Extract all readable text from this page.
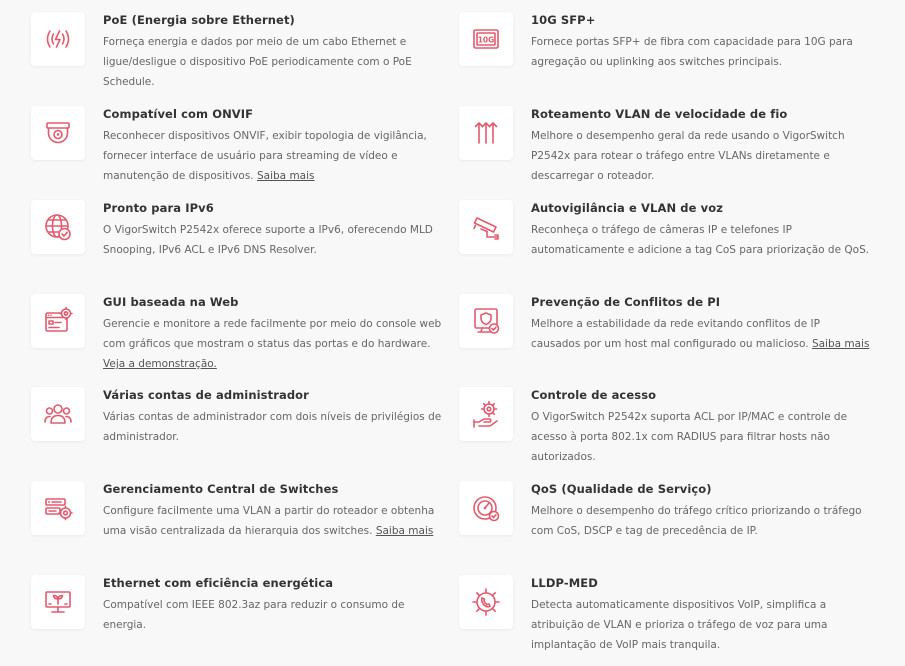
PoE (Energia sobre Ethernet)

Forneça energia e dados por meio de um cabo Ethernet e ligue/desligue o dispositivo PoE periodicamente com o PoE Schedule.

10G

10G SFP+

Fornece portas SFP+ de fibra com capacidade para 10G para agregação ou uplinking aos switches principais.

Compatível com ONVIF

Reconhecer dispositivos ONVIF, exibir topologia de vigilância, fornecer interface de usuário para streaming de vídeo e manutenção de dispositivos. Saiba mais

Roteamento VLAN de velocidade de fio

Melhore o desempenho geral da rede usando o VigorSwitch P2542x para rotear o tráfego entre VLANs diretamente e descarregar o roteador.

Pronto para IPv6

O VigorSwitch P2542x oferece suporte a IPv6, oferecendo MLD Snooping, IPv6 ACL e IPv6 DNS Resolver.

Autovigilância e VLAN de voz

Reconheça o tráfego de câmeras IP e telefones IP automaticamente e adicione a tag CoS para priorização de QoS.

GUI baseada na Web

Gerencie e monitore a rede facilmente por meio do console web com gráficos que mostram o status das portas e do hardware. Veja a demonstração.

Prevenção de Conflitos de PI

Melhore a estabilidade da rede evitando conflitos de IP causados por um host mal configurado ou malicioso. Saiba mais

Várias contas de administrador

Várias contas de administrador com dois níveis de privilégios de administrador.

Controle de acesso

O VigorSwitch P2542x suporta ACL por IP/MAC e controle de acesso à porta 802.1x com RADIUS para filtrar hosts não autorizados.

Gerenciamento Central de Switches

Configure facilmente uma VLAN a partir do roteador e obtenha uma visão centralizada da hierarquia dos switches. Saiba mais

QoS (Qualidade de Serviço)

Melhore o desempenho do tráfego crítico priorizando o tráfego com CoS, DSCP e tag de precedência de IP.

Ethernet com eficiência energética

Compatível com IEEE 802.3az para reduzir o consumo de energia.

LLDP-MED

Detecta automaticamente dispositivos VoIP, simplifica a atribuição de VLAN e prioriza o tráfego de voz para uma implantação de VoIP mais tranquila.
